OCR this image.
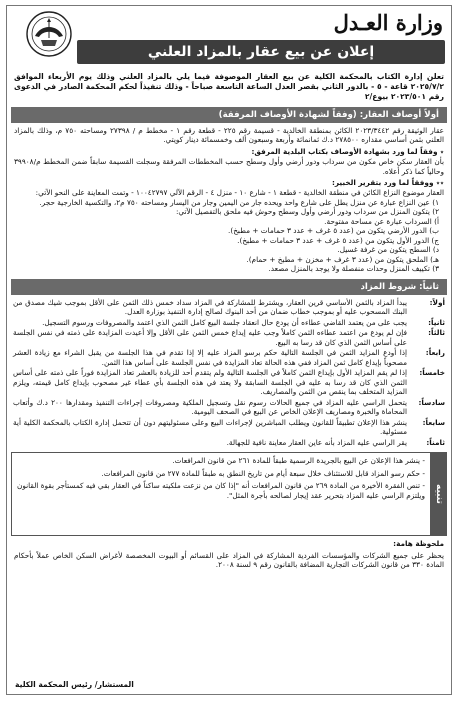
وزارة العـدل
إعلان عن بيع عقار بالمزاد العلني

تعلن إدارة الكتاب بالمحكمة الكلية عن بيع العقار الموصوفة فيما يلي بالمزاد العلني وذلك يوم الأربعاء الموافق ٢٠٢٥/٧/٢ قاعة - ٥ - بالدور الثاني بقصر العدل الساعة التاسعة صباحاً - وذلك تنفيذاً لحكم المحكمة الصادر في الدعوى رقم ٢٠٢٣/٥٠١ بيوع/٢

أولاً أوصاف العقار: (وفقاً لشهادة الأوصاف المرفقة)

عقار الوثيقة رقم ٢٠٢٣/٣٤٤٢ الكائن بمنطقة الخالدية - قسيمة رقم ٢٢٥ - قطعة رقم ١ - مخطط م / ٢٧٣٩٨ ومساحته ٧٥٠ م، وذلك بالمزاد العلني بثمن أساسي مقداره ٢٧٨٥٠٠ د.ك ثمانمائة وأربعة وسبعون ألف وخمسمائة دينار كويتي.

٭ وفقاً لما ورد بشهادة الأوصاف بكتاب البلدية المرفق:

بأن العقار سكن خاص مكون من سرداب ودور أرضي وأول وسطح حسب المخططات المرفقة وسجلت القسيمة سابقاً ضمن المخطط م/٣٩٩٠٨ وحالياً كما ذكر أعلاه.

٭٭ ووفقاً لما ورد بتقرير الخبير:

العقار موضوع النزاع الكائن في منطقة الخالدية - قطعة ١ - شارع ١٠ - منزل ٤ - الرقم الآلي ١٠٠٤٢٧٩٧ - وتمت المعاينة على النحو الآتي:

١) عين النزاع عبارة عن منزل يطل على شارع واحد ويحده جار من اليمين وجار من اليسار ومساحته ٧٥٠ م٢، والتكسية الخارجية حجر.

٢) يتكون المنزل من سرداب ودور أرضي وأول وسطح وحوش فيه ملحق بالتفصيل الآتي:

أ) السرداب عبارة عن مساحة مفتوحة.

ب) الدور الأرضي يتكون من (عدد ٥ غرف + عدد ٣ حمامات + مطبخ).

ج) الدور الأول يتكون من (عدد ٥ غرف + عدد ٣ حمامات + مطبخ).

د) السطح يتكون من غرفة غسيل.

هـ) الملحق يتكون من (عدد ٣ غرف + مخزن + مطبخ + حمام).

٣) تكييف المنزل وحدات منفصلة ولا يوجد بالمنزل مصعد.

ثانياً: شروط المزاد
أولاً:
يبدأ المزاد بالثمن الأساسي قرين العقار، ويشترط للمشاركة في المزاد سداد خمس ذلك الثمن على الأقل بموجب شيك مصدق من البنك المسحوب عليه أو بموجب خطاب ضمان من أحد البنوك لصالح إدارة التنفيذ بوزارة العدل.
ثانياً:
يجب على من يعتمد القاضي عطاءه أن يودع حال انعقاد جلسة البيع كامل الثمن الذي اعتمد والمصروفات ورسوم التسجيل.
ثالثاً:
فإن لم يودع من اعتمد عطاءه الثمن كاملاً وجب عليه إيداع خمس الثمن على الأقل وإلا أعيدت المزايدة على ذمته في نفس الجلسة على أساس الثمن الذي كان قد رسا به البيع.
رابعاً:
إذا أودع المزايد الثمن في الجلسة التالية حكم برسو المزاد عليه إلا إذا تقدم في هذا الجلسة من يقبل الشراء مع زيادة العشر مصحوباً بإيداع كامل ثمن المزاد ففي هذه الحالة تعاد المزايدة في نفس الجلسة على أساس هذا الثمن.
خامساً:
إذا لم يقم المزايد الأول بإيداع الثمن كاملاً في الجلسة التالية ولم يتقدم أحد للزيادة بالعشر تعاد المزايدة فوراً على ذمته على أساس الثمن الذي كان قد رسا به عليه في الجلسة السابقة ولا يعتد في هذه الجلسة بأي عطاء غير مصحوب بإيداع كامل قيمته، ويلزم المزايد المتخلف بما ينقص من الثمن والمصاريف.
سادساً:
يتحمل الراسي عليه المزاد في جميع الحالات رسوم نقل وتسجيل الملكية ومصروفات إجراءات التنفيذ ومقدارها ٢٠٠ د.ك وأتعاب المحاماة والخبرة ومصاريف الإعلان الخاص عن البيع في الصحف اليومية.
سابعاً:
ينشر هذا الإعلان تطبيقاً للقانون ويطلب المباشرين لإجراءات البيع وعلى مسئوليتهم دون أن تتحمل إدارة الكتاب بالمحكمة الكلية أية مسئولية.
ثامناً:
يقر الراسي عليه المزاد بأنه عاين العقار معاينة نافية للجهالة.
تنبيه
- ينشر هذا الإعلان عن البيع بالجريدة الرسمية طبقاً للمادة ٢٦١ من قانون المرافعات.
- حكم رسو المزاد قابل للاستئناف خلال سبعة أيام من تاريخ النطق به طبقاً للمادة ٢٧٧ من قانون المرافعات.
- تنص الفقرة الأخيرة من المادة ٢٦٩ من قانون المرافعات أنه "إذا كان من نزعت ملكيته ساكناً في العقار بقي فيه كمستأجر بقوة القانون ويلتزم الراسي عليه المزاد بتحرير عقد إيجار لصالحه بأجرة المثل".
ملحوظة هامة:

يحظر على جميع الشركات والمؤسسات الفردية المشاركة في المزاد على القسائم أو البيوت المخصصة لأغراض السكن الخاص عملاً بأحكام المادة ٣٣٠ من قانون الشركات التجارية المضافة بالقانون رقم ٩ لسنة ٢٠٠٨.

المستشار/ رئيس المحكمة الكلية
